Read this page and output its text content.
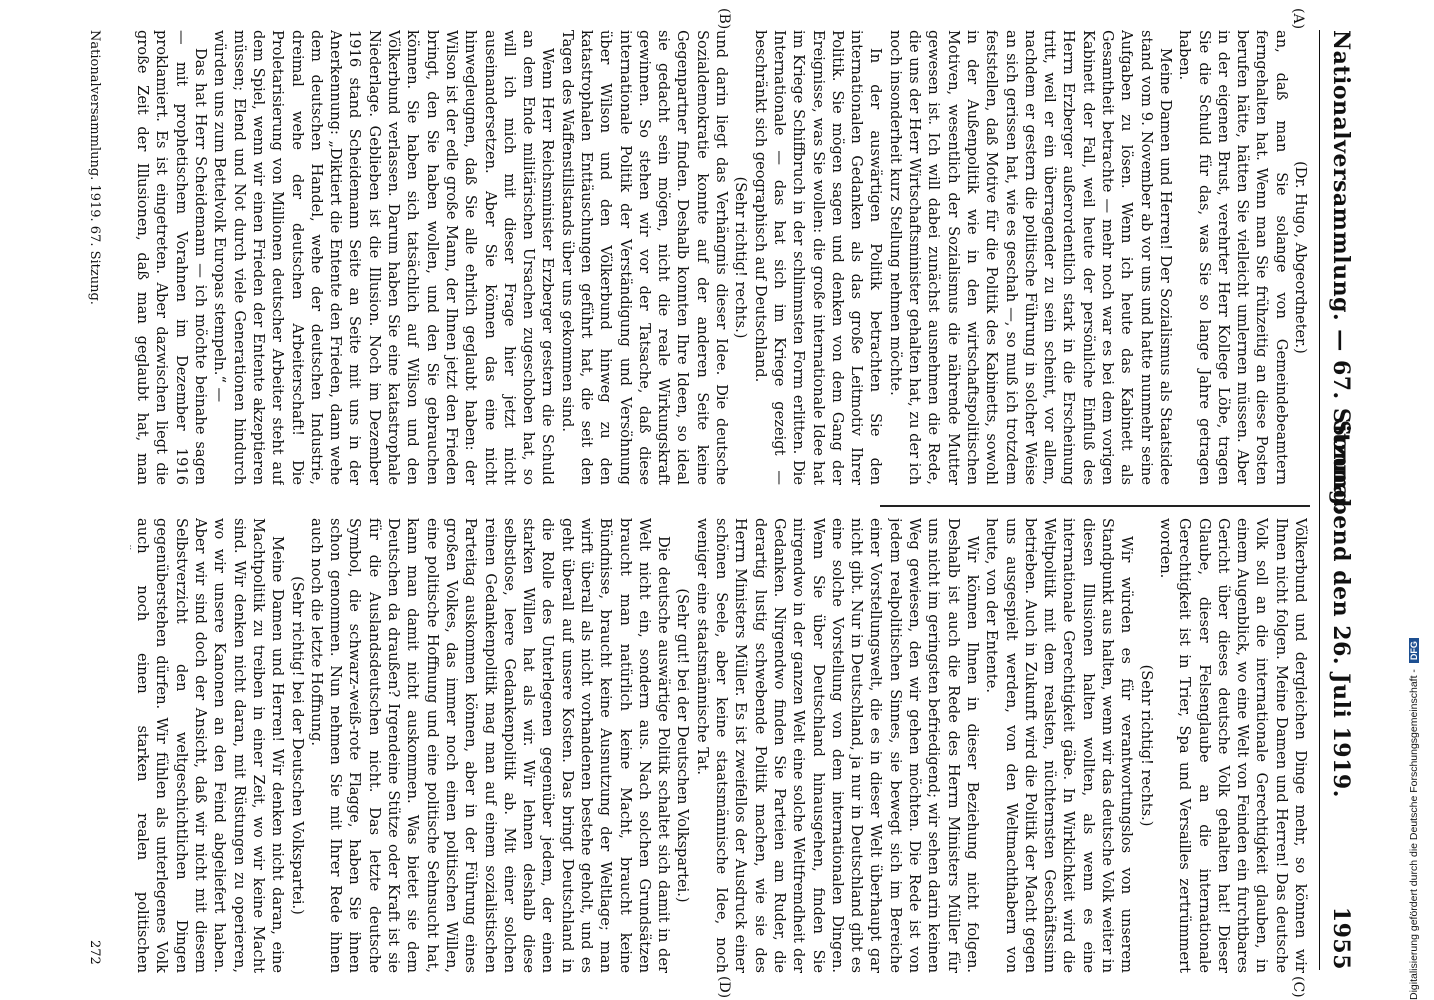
Nationalversammlung. — 67. Sitzung.
Sonnabend den 26. Juli 1919.
1955
(A)
(B)
(C)
(D)

(Dr. Hugo, Abgeordneter.)

an, daß man Sie solange von Gemeindebeamtern ferngehalten hat. Wenn man Sie frühzeitig an diese Posten berufen hätte, hätten Sie vielleicht umlernen müssen. Aber in der eigenen Brust, verehrter Herr Kollege Löbe, tragen Sie die Schuld für das, was Sie so lange Jahre getragen haben.

Meine Damen und Herren! Der Sozialismus als Staatsidee stand vom 9. November ab vor uns und hatte nunmehr seine Aufgaben zu lösen. Wenn ich heute das Kabinett als Gesamtheit betrachte — mehr noch war es bei dem vorigen Kabinett der Fall, weil heute der persönliche Einfluß des Herrn Erzberger außerordentlich stark in die Erscheinung tritt, weil er ein überragender zu sein scheint, vor allem, nachdem er gestern die politische Führung in solcher Weise an sich gerissen hat, wie es geschah —, so muß ich trotzdem feststellen, daß Motive für die Politik des Kabinetts, sowohl in der Außenpolitik wie in den wirtschaftspolitischen Motiven, wesentlich der Sozialismus die nährende Mutter gewesen ist. Ich will dabei zunächst ausnehmen die Rede, die uns der Herr Wirtschaftsminister gehalten hat, zu der ich noch insonderheit kurz Stellung nehmen möchte.

In der auswärtigen Politik betrachten Sie den internationalen Gedanken als das große Leitmotiv Ihrer Politik. Sie mögen sagen und denken von dem Gang der Ereignisse, was Sie wollen: die große internationale Idee hat im Kriege Schiffbruch in der schlimmsten Form erlitten. Die Internationale — das hat sich im Kriege gezeigt — beschränkt sich geographisch auf Deutschland.

(Sehr richtig! rechts.)

und darin liegt das Verhängnis dieser Idee. Die deutsche Sozialdemokratie konnte auf der anderen Seite keine Gegenpartner finden. Deshalb konnten Ihre Ideen, so ideal sie gedacht sein mögen, nicht die reale Wirkungskraft gewinnen. So stehen wir vor der Tatsache, daß diese internationale Politik der Verständigung und Versöhnung über Wilson und den Völkerbund hinweg zu den katastrophalen Enttäuschungen geführt hat, die seit den Tagen des Waffenstillstands über uns gekommen sind.

Wenn Herr Reichsminister Erzberger gestern die Schuld an dem Ende militärischen Ursachen zugeschoben hat, so will ich mich mit dieser Frage hier jetzt nicht auseinandersetzen. Aber Sie können das eine nicht hinwegleugnen, daß Sie alle ehrlich geglaubt haben: der Wilson ist der edle große Mann, der Ihnen jetzt den Frieden bringt, den Sie haben wollen, und den Sie gebrauchen können. Sie haben sich tatsächlich auf Wilson und den Völkerbund verlassen. Darum haben Sie eine katastrophale Niederlage. Geblieben ist die Illusion. Noch im Dezember 1916 stand Scheidemann Seite an Seite mit uns in der Anerkennung: „Diktiert die Entente den Frieden, dann wehe dem deutschen Handel, wehe der deutschen Industrie, dreimal wehe der deutschen Arbeiterschaft! Die Proletarisierung von Millionen deutscher Arbeiter steht auf dem Spiel, wenn wir einen Frieden der Entente akzeptieren müssen; Elend und Not durch viele Generationen hindurch würden uns zum Bettelvolk Europas stempeln.“ —

Das hat Herr Scheidemann — ich möchte beinahe sagen — mit prophetischem Vorahnen im Dezember 1916 proklamiert. Es ist eingetreten. Aber dazwischen liegt die große Zeit der Illusionen, daß man geglaubt hat, man

Völkerbund und dergleichen Dinge mehr, so können wir Ihnen nicht folgen. Meine Damen und Herren! Das deutsche Volk soll an die internationale Gerechtigkeit glauben, in einem Augenblick, wo eine Welt von Feinden ein furchtbares Gericht über dieses deutsche Volk gehalten hat! Dieser Glaube, dieser Felsenglaube an die internationale Gerechtigkeit ist in Trier, Spa und Versailles zertrümmert worden.

(Sehr richtig! rechts.)

Wir würden es für verantwortungslos von unserem Standpunkt aus halten, wenn wir das deutsche Volk weiter in diesen Illusionen halten wollten, als wenn es eine internationale Gerechtigkeit gäbe. In Wirklichkeit wird die Weltpolitik mit dem realsten, nüchternsten Geschäftssinn betrieben. Auch in Zukunft wird die Politik der Macht gegen uns ausgespielt werden, von den Weltmachthabern von heute, von der Entente.

Wir können Ihnen in dieser Beziehung nicht folgen. Deshalb ist auch die Rede des Herrn Ministers Müller für uns nicht im geringsten befriedigend; wir sehen darin keinen Weg gewiesen, den wir gehen möchten. Die Rede ist von jedem realpolitischen Sinnes, sie bewegt sich im Bereiche einer Vorstellungswelt, die es in dieser Welt überhaupt gar nicht gibt. Nur in Deutschland, ja nur in Deutschland gibt es eine solche Vorstellung von dem internationalen Dingen. Wenn Sie über Deutschland hinausgehen, finden Sie nirgendwo in der ganzen Welt eine solche Weltfremdheit der Gedanken. Nirgendwo finden Sie Parteien am Ruder, die derartig lustig schwebende Politik machen, wie sie des Herrn Ministers Müller. Es ist zweifellos der Ausdruck einer schönen Seele, aber keine staatsmännische Idee, noch weniger eine staatsmännische Tat.

(Sehr gut! bei der Deutschen Volkspartei.)

Die deutsche auswärtige Politik schaltet sich damit in der Welt nicht ein, sondern aus. Nach solchen Grundsätzen braucht man natürlich keine Macht, braucht keine Bündnisse, braucht keine Ausnutzung der Weltlage; man wirft überall als nicht vorhandenen bestehe geholt, und es geht überall auf unsere Kosten. Das bringt Deutschland in die Rolle des Unterlegenen gegenüber jedem, der einen starken Willen hat als wir. Wir lehnen deshalb diese selbstlose, leere Gedankenpolitik ab. Mit einer solchen reinen Gedankenpolitik mag man auf einem sozialistischen Parteitag auskommen können, aber in der Führung eines großen Volkes, das immer noch einen politischen Willen, eine politische Hoffnung und eine politische Sehnsucht hat, kann man damit nicht auskommen. Was bietet sie dem Deutschen da draußen? Irgendeine Stütze oder Kraft ist sie für die Auslandsdeutschen nicht. Das letzte deutsche Symbol, die schwarz-weiß-rote Flagge, haben Sie ihnen schon genommen. Nun nehmen Sie mit Ihrer Rede ihnen auch noch die letzte Hoffnung.

(Sehr richtig! bei der Deutschen Volkspartei.)

Meine Damen und Herren! Wir denken nicht daran, eine Machtpolitik zu treiben in einer Zeit, wo wir keine Macht sind. Wir denken nicht daran, mit Rüstungen zu operieren, wo wir unsere Kanonen an den Feind abgeliefert haben. Aber wir sind doch der Ansicht, daß wir nicht mit diesem Selbstverzicht den weltgeschichtlichen Dingen gegenüberstehen dürfen. Wir fühlen als unterlegenes Volk auch noch einen starken realen politischen

Nationalversammlung. 1919. 67. Sitzung.
272	Digitalisierung gefördert durch die Deutsche Forschungsgemeinschaft -DFG
